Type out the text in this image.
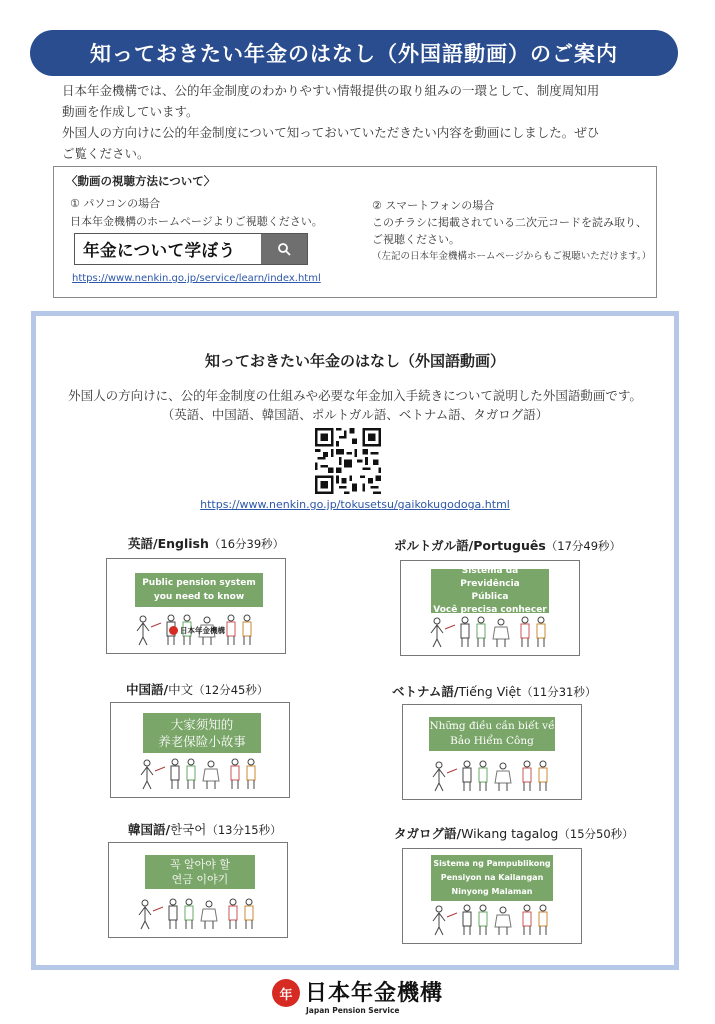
知っておきたい年金のはなし（外国語動画）のご案内

日本年金機構では、公的年金制度のわかりやすい情報提供の取り組みの一環として、制度周知用

動画を作成しています。

外国人の方向けに公的年金制度について知っておいていただきたい内容を動画にしました。ぜひ

ご覧ください。

〈動画の視聴方法について〉
① パソコンの場合
日本年金機構のホームページよりご視聴ください。
年金について学ぼう
https://www.nenkin.go.jp/service/learn/index.html
② スマートフォンの場合
このチラシに掲載されている二次元コードを読み取り、
ご視聴ください。
（左記の日本年金機構ホームページからもご視聴いただけます。）
知っておきたい年金のはなし（外国語動画）
外国人の方向けに、公的年金制度の仕組みや必要な年金加入手続きについて説明した外国語動画です。
（英語、中国語、韓国語、ポルトガル語、ベトナム語、タガログ語）
https://www.nenkin.go.jp/tokusetsu/gaikokugodoga.html
英語/English（16分39秒）
Public pension system
you need to know
日本年金機構
ポルトガル語/Português（17分49秒）
Sistema da Previdência
Pública
Você precisa conhecer
中国語/中文（12分45秒）
大家须知的
养老保险小故事
ベトナム語/Tiếng Việt（11分31秒）
Những điều cần biết về
Bảo Hiểm Công
韓国語/한국어（13分15秒）
꼭 알아야 할
연금 이야기
タガログ語/Wikang tagalog（15分50秒）
Sistema ng Pampublikong
Pensiyon na Kailangan
Ninyong Malaman
年 日本年金機構
Japan Pension Service
